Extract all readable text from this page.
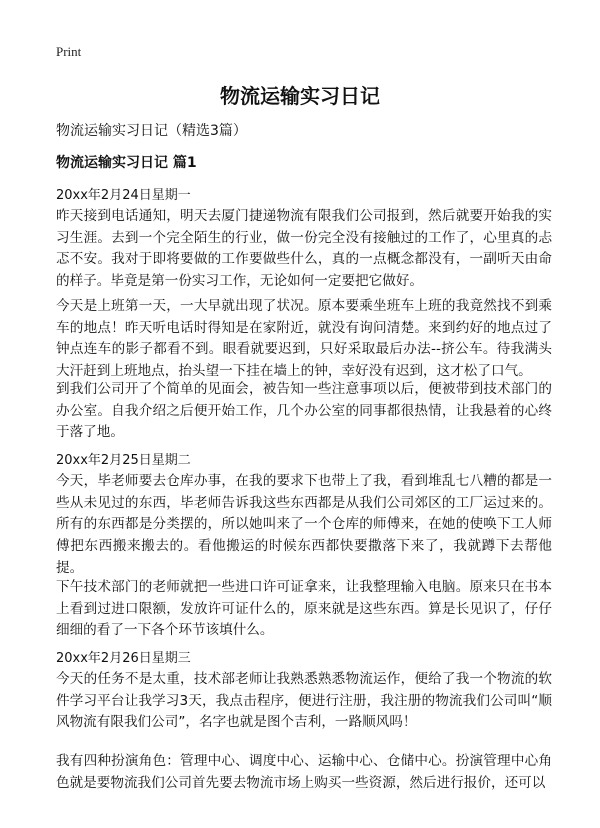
Print
物流运输实习日记
物流运输实习日记（精选3篇）
物流运输实习日记 篇1
20xx年2月24日星期一
昨天接到电话通知，明天去厦门捷递物流有限我们公司报到，然后就要开始我的实习生涯。去到一个完全陌生的行业，做一份完全没有接触过的工作了，心里真的忐忑不安。我对于即将要做的工作要做些什么，真的一点概念都没有，一副听天由命的样子。毕竟是第一份实习工作，无论如何一定要把它做好。
今天是上班第一天，一大早就出现了状况。原本要乘坐班车上班的我竟然找不到乘车的地点！昨天听电话时得知是在家附近，就没有询问清楚。来到约好的地点过了钟点连车的影子都看不到。眼看就要迟到，只好采取最后办法--挤公车。待我满头大汗赶到上班地点，抬头望一下挂在墙上的钟，幸好没有迟到，这才松了口气。
到我们公司开了个简单的见面会，被告知一些注意事项以后，便被带到技术部门的办公室。自我介绍之后便开始工作，几个办公室的同事都很热情，让我悬着的心终于落了地。
20xx年2月25日星期二
今天，毕老师要去仓库办事，在我的要求下也带上了我，看到堆乱七八糟的都是一些从未见过的东西，毕老师告诉我这些东西都是从我们公司郊区的工厂运过来的。所有的东西都是分类摆的，所以她叫来了一个仓库的师傅来，在她的使唤下工人师傅把东西搬来搬去的。看他搬运的时候东西都快要撒落下来了，我就蹲下去帮他提。
下午技术部门的老师就把一些进口许可证拿来，让我整理输入电脑。原来只在书本上看到过进口限额，发放许可证什么的，原来就是这些东西。算是长见识了，仔仔细细的看了一下各个环节该填什么。
20xx年2月26日星期三
今天的任务不是太重，技术部老师让我熟悉熟悉物流运作，便给了我一个物流的软件学习平台让我学习3天，我点击程序，便进行注册，我注册的物流我们公司叫“顺风物流有限我们公司”，名字也就是图个吉利，一路顺风吗！
我有四种扮演角色：管理中心、调度中心、运输中心、仓储中心。扮演管理中心角色就是要物流我们公司首先要去物流市场上购买一些资源，然后进行报价，还可以
